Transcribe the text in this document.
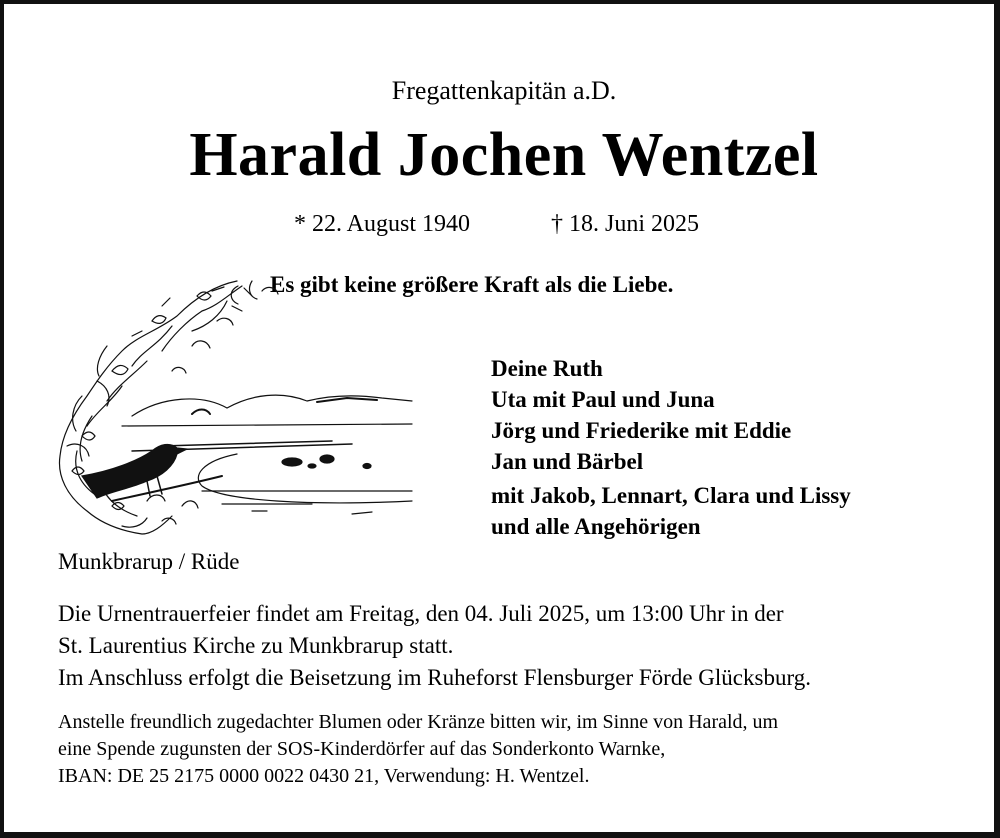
Fregattenkapitän a.D.
Harald Jochen Wentzel
* 22. August 1940	† 18. Juni 2025
Es gibt keine größere Kraft als die Liebe.
Deine Ruth
Uta mit Paul und Juna
Jörg und Friederike mit Eddie
Jan und Bärbel
mit Jakob, Lennart, Clara und Lissy
und alle Angehörigen
Munkbrarup / Rüde
Die Urnentrauerfeier findet am Freitag, den 04. Juli 2025, um 13:00 Uhr in der
St. Laurentius Kirche zu Munkbrarup statt.
Im Anschluss erfolgt die Beisetzung im Ruheforst Flensburger Förde Glücksburg.
Anstelle freundlich zugedachter Blumen oder Kränze bitten wir, im Sinne von Harald, um
eine Spende zugunsten der SOS-Kinderdörfer auf das Sonderkonto Warnke,
IBAN: DE 25 2175 0000 0022 0430 21, Verwendung: H. Wentzel.
